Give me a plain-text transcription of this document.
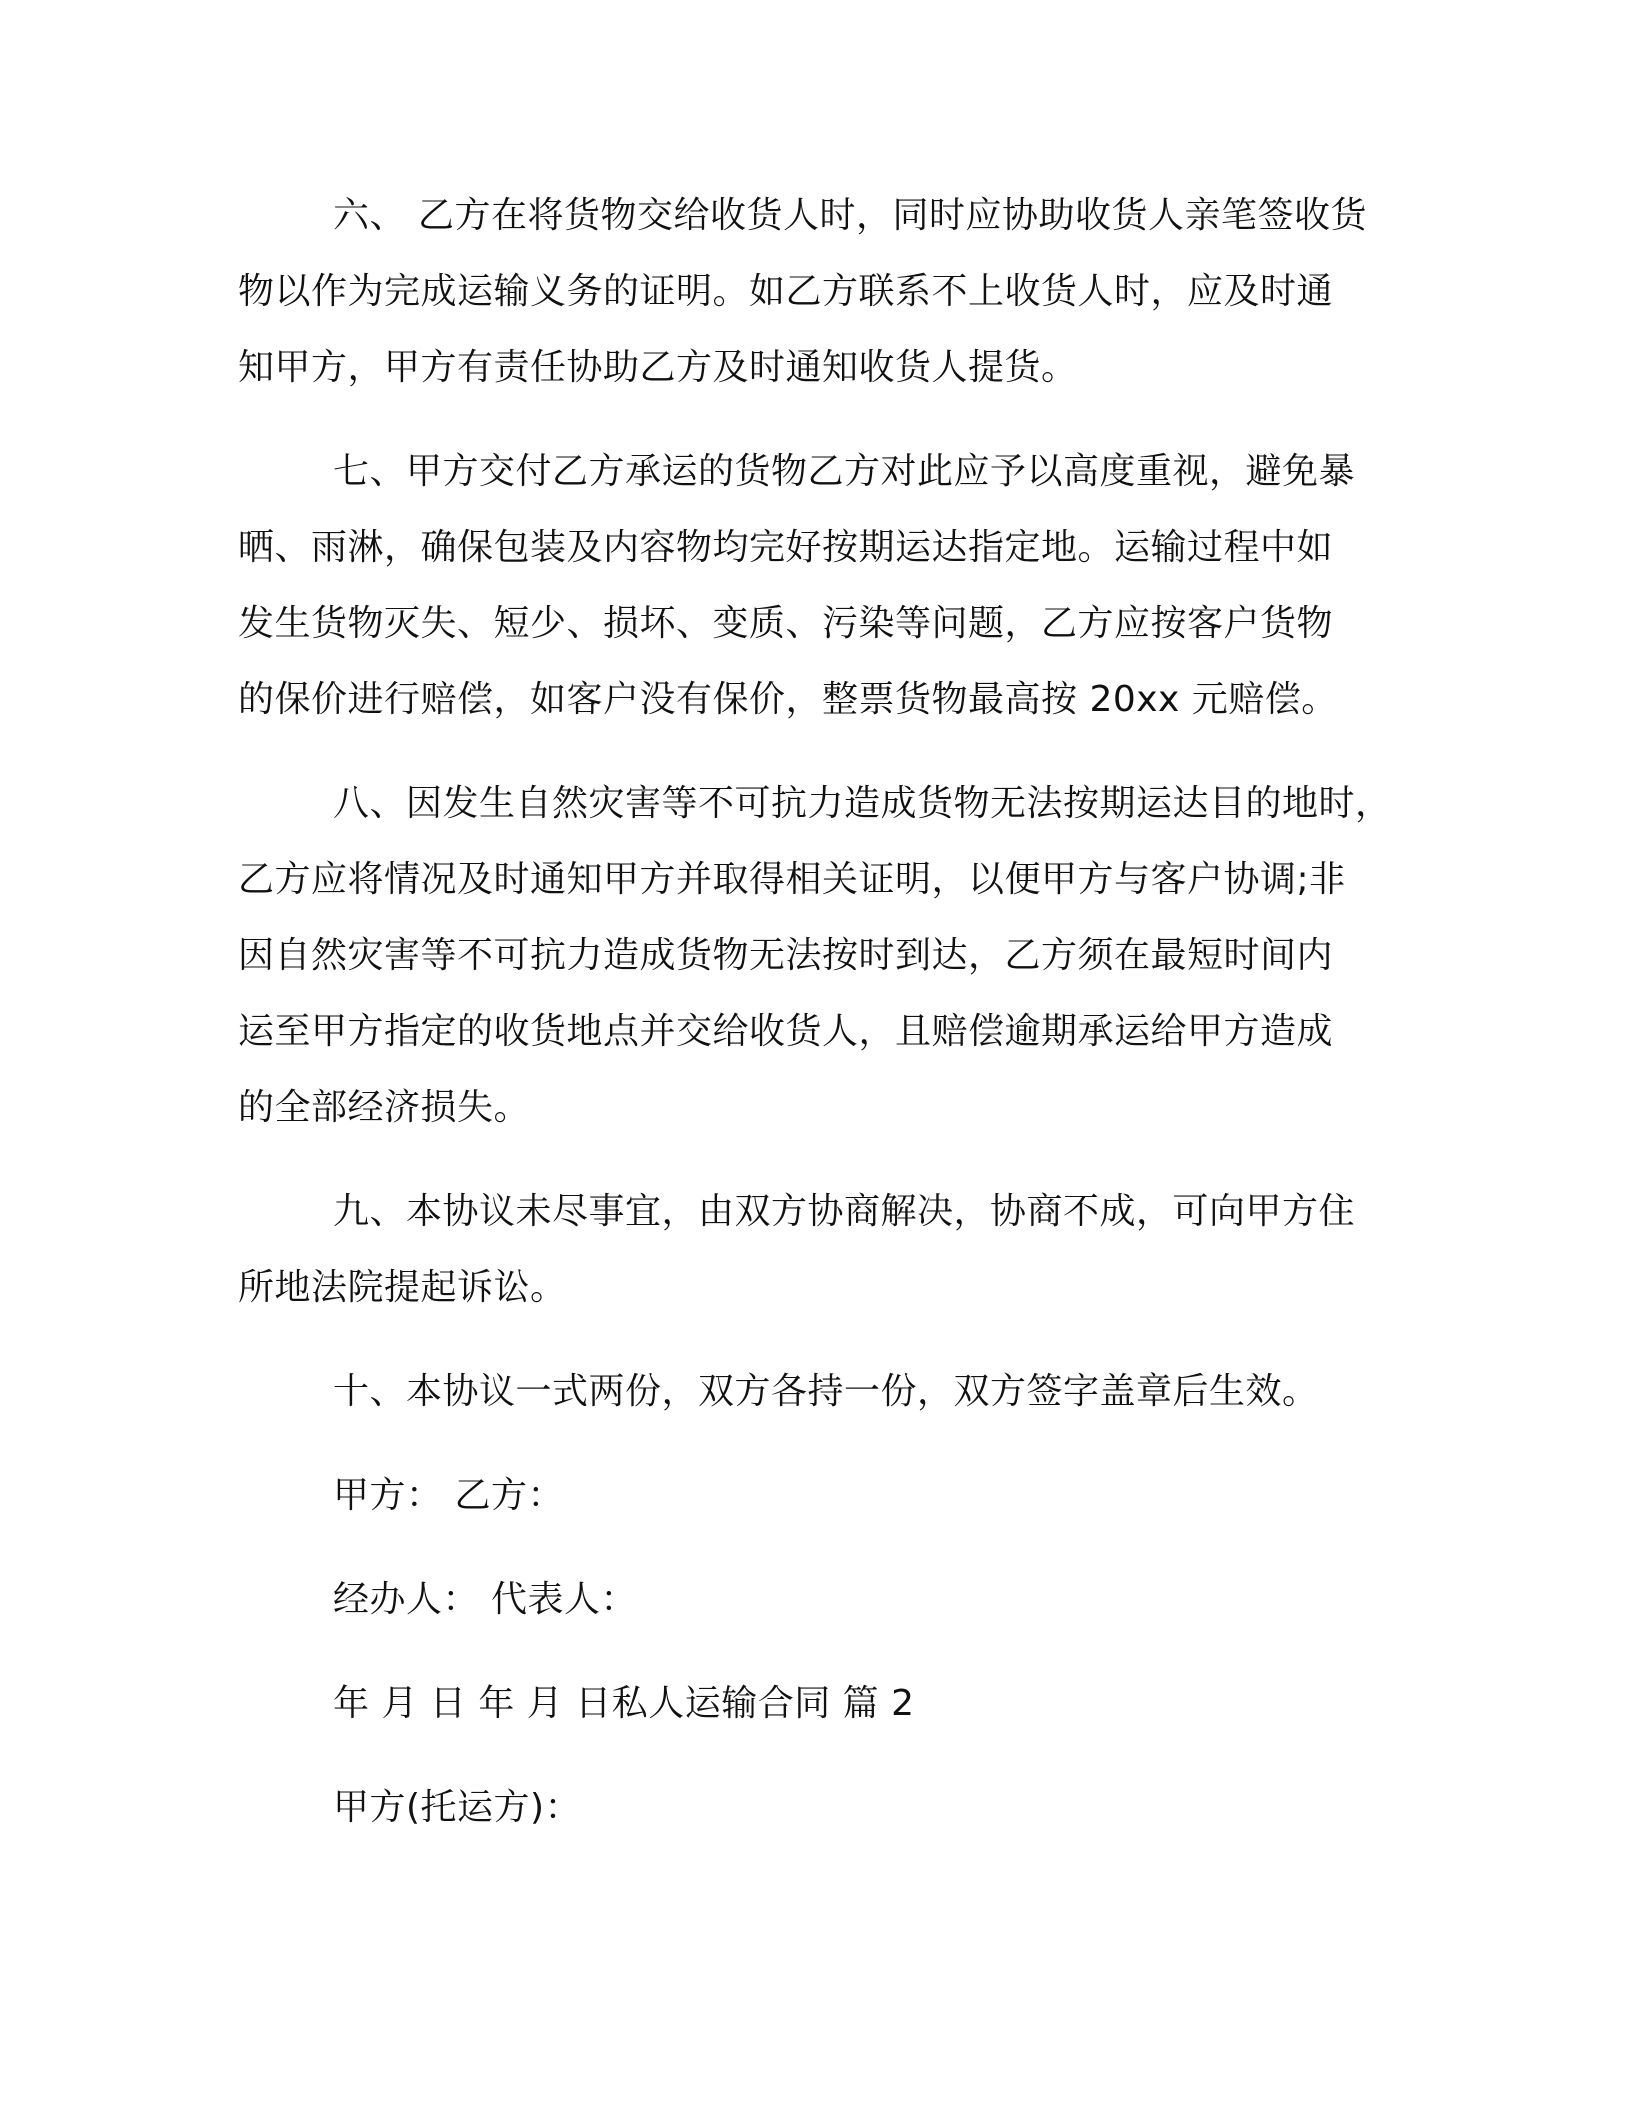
六、 乙方在将货物交给收货人时，同时应协助收货人亲笔签收货
物以作为完成运输义务的证明。如乙方联系不上收货人时，应及时通
知甲方，甲方有责任协助乙方及时通知收货人提货。
七、甲方交付乙方承运的货物乙方对此应予以高度重视，避免暴
晒、雨淋，确保包装及内容物均完好按期运达指定地。运输过程中如
发生货物灭失、短少、损坏、变质、污染等问题，乙方应按客户货物
的保价进行赔偿，如客户没有保价，整票货物最高按 20xx 元赔偿。
八、因发生自然灾害等不可抗力造成货物无法按期运达目的地时，
乙方应将情况及时通知甲方并取得相关证明，以便甲方与客户协调;非
因自然灾害等不可抗力造成货物无法按时到达，乙方须在最短时间内
运至甲方指定的收货地点并交给收货人，且赔偿逾期承运给甲方造成
的全部经济损失。
九、本协议未尽事宜，由双方协商解决，协商不成，可向甲方住
所地法院提起诉讼。
十、本协议一式两份，双方各持一份，双方签字盖章后生效。
甲方： 乙方：
经办人： 代表人：
年 月 日 年 月 日私人运输合同 篇 2
甲方(托运方)：
